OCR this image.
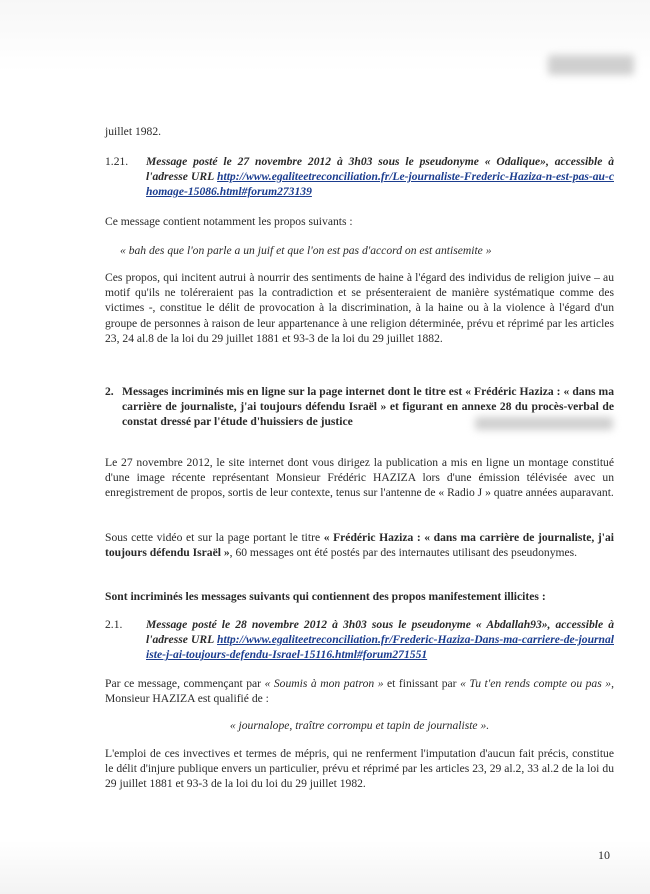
juillet 1982.

1.21. Message posté le 27 novembre 2012 à 3h03 sous le pseudonyme « Odalique», accessible à l'adresse URL http://www.egaliteetreconciliation.fr/Le-journaliste-Frederic-Haziza-n-est-pas-au-chomage-15086.html#forum273139

Ce message contient notamment les propos suivants :

« bah des que l'on parle a un juif et que l'on est pas d'accord on est antisemite »

Ces propos, qui incitent autrui à nourrir des sentiments de haine à l'égard des individus de religion juive – au motif qu'ils ne toléreraient pas la contradiction et se présenteraient de manière systématique comme des victimes -, constitue le délit de provocation à la discrimination, à la haine ou à la violence à l'égard d'un groupe de personnes à raison de leur appartenance à une religion déterminée, prévu et réprimé par les articles 23, 24 al.8 de la loi du 29 juillet 1881 et 93-3 de la loi du 29 juillet 1882.

2. Messages incriminés mis en ligne sur la page internet dont le titre est « Frédéric Haziza : « dans ma carrière de journaliste, j'ai toujours défendu Israël » et figurant en annexe 28 du procès-verbal de constat dressé par l'étude d'huissiers de justice

Le 27 novembre 2012, le site internet dont vous dirigez la publication a mis en ligne un montage constitué d'une image récente représentant Monsieur Frédéric HAZIZA lors d'une émission télévisée avec un enregistrement de propos, sortis de leur contexte, tenus sur l'antenne de « Radio J » quatre années auparavant.

Sous cette vidéo et sur la page portant le titre « Frédéric Haziza : « dans ma carrière de journaliste, j'ai toujours défendu Israël », 60 messages ont été postés par des internautes utilisant des pseudonymes.

Sont incriminés les messages suivants qui contiennent des propos manifestement illicites :

2.1. Message posté le 28 novembre 2012 à 3h03 sous le pseudonyme « Abdallah93», accessible à l'adresse URL http://www.egaliteetreconciliation.fr/Frederic-Haziza-Dans-ma-carriere-de-journaliste-j-ai-toujours-defendu-Israel-15116.html#forum271551

Par ce message, commençant par « Soumis à mon patron » et finissant par « Tu t'en rends compte ou pas », Monsieur HAZIZA est qualifié de :

« journalope, traître corrompu et tapin de journaliste ».

L'emploi de ces invectives et termes de mépris, qui ne renferment l'imputation d'aucun fait précis, constitue le délit d'injure publique envers un particulier, prévu et réprimé par les articles 23, 29 al.2, 33 al.2 de la loi du 29 juillet 1881 et 93-3 de la loi du loi du 29 juillet 1982.

10
